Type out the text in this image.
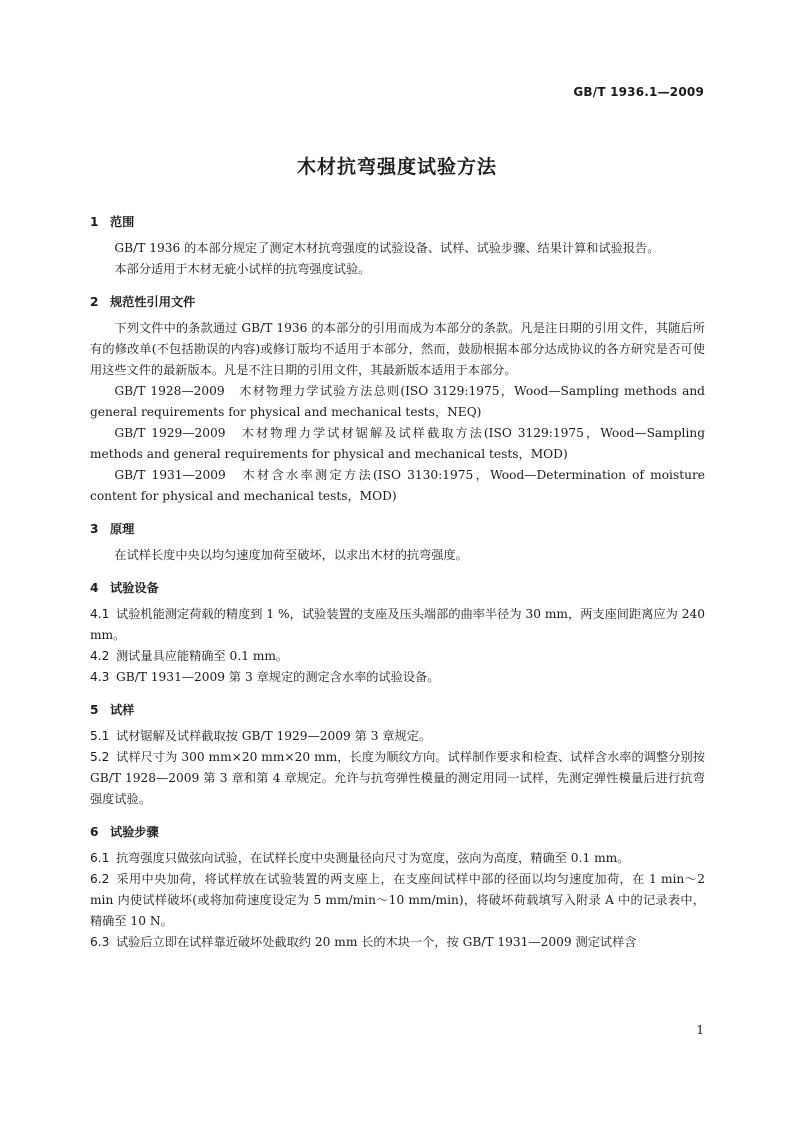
GB/T 1936.1—2009
木材抗弯强度试验方法
1 范围

GB/T 1936 的本部分规定了测定木材抗弯强度的试验设备、试样、试验步骤、结果计算和试验报告。

本部分适用于木材无疵小试样的抗弯强度试验。

2 规范性引用文件

下列文件中的条款通过 GB/T 1936 的本部分的引用而成为本部分的条款。凡是注日期的引用文件，其随后所有的修改单(不包括勘误的内容)或修订版均不适用于本部分，然而，鼓励根据本部分达成协议的各方研究是否可使用这些文件的最新版本。凡是不注日期的引用文件，其最新版本适用于本部分。

GB/T 1928—2009　木材物理力学试验方法总则(ISO 3129:1975，Wood—Sampling methods and general requirements for physical and mechanical tests，NEQ)

GB/T 1929—2009　木材物理力学试材锯解及试样截取方法(ISO 3129:1975，Wood—Sampling methods and general requirements for physical and mechanical tests，MOD)

GB/T 1931—2009　木材含水率测定方法(ISO 3130:1975，Wood—Determination of moisture content for physical and mechanical tests，MOD)

3 原理

在试样长度中央以均匀速度加荷至破坏，以求出木材的抗弯强度。

4 试验设备

4.1 试验机能测定荷载的精度到 1 %，试验装置的支座及压头端部的曲率半径为 30 mm，两支座间距离应为 240 mm。

4.2 测试量具应能精确至 0.1 mm。

4.3 GB/T 1931—2009 第 3 章规定的测定含水率的试验设备。

5 试样

5.1 试材锯解及试样截取按 GB/T 1929—2009 第 3 章规定。

5.2 试样尺寸为 300 mm×20 mm×20 mm，长度为顺纹方向。试样制作要求和检查、试样含水率的调整分别按 GB/T 1928—2009 第 3 章和第 4 章规定。允许与抗弯弹性模量的测定用同一试样，先测定弹性模量后进行抗弯强度试验。

6 试验步骤

6.1 抗弯强度只做弦向试验，在试样长度中央测量径向尺寸为宽度，弦向为高度，精确至 0.1 mm。

6.2 采用中央加荷，将试样放在试验装置的两支座上，在支座间试样中部的径面以均匀速度加荷，在 1 min～2 min 内使试样破坏(或将加荷速度设定为 5 mm/min～10 mm/min)，将破坏荷载填写入附录 A 中的记录表中，精确至 10 N。

6.3 试验后立即在试样靠近破坏处截取约 20 mm 长的木块一个，按 GB/T 1931—2009 测定试样含

1
